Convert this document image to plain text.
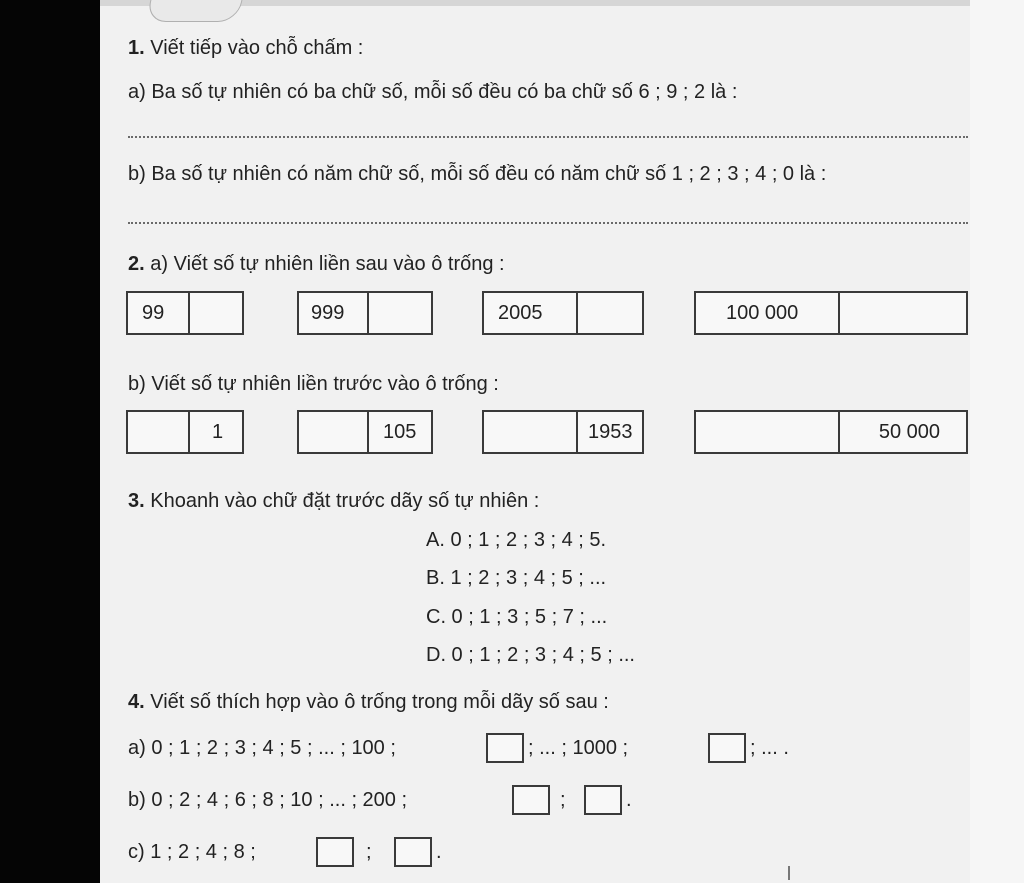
1. Viết tiếp vào chỗ chấm :
a) Ba số tự nhiên có ba chữ số, mỗi số đều có ba chữ số 6 ; 9 ; 2 là :
b) Ba số tự nhiên có năm chữ số, mỗi số đều có năm chữ số 1 ; 2 ; 3 ; 4 ; 0 là :
2. a) Viết số tự nhiên liền sau vào ô trống :
99	999	2005	100 000
b) Viết số tự nhiên liền trước vào ô trống :
1	105	1953	50 000
3. Khoanh vào chữ đặt trước dãy số tự nhiên :
A. 0 ; 1 ; 2 ; 3 ; 4 ; 5.
B. 1 ; 2 ; 3 ; 4 ; 5 ; ...
C. 0 ; 1 ; 3 ; 5 ; 7 ; ...
D. 0 ; 1 ; 2 ; 3 ; 4 ; 5 ; ...
4. Viết số thích hợp vào ô trống trong mỗi dãy số sau :
a) 0 ; 1 ; 2 ; 3 ; 4 ; 5 ; ... ; 100 ;	; ... ; 1000 ;	; ... .
b) 0 ; 2 ; 4 ; 6 ; 8 ; 10 ; ... ; 200 ;	;	.
c) 1 ; 2 ; 4 ; 8 ;	;	.
